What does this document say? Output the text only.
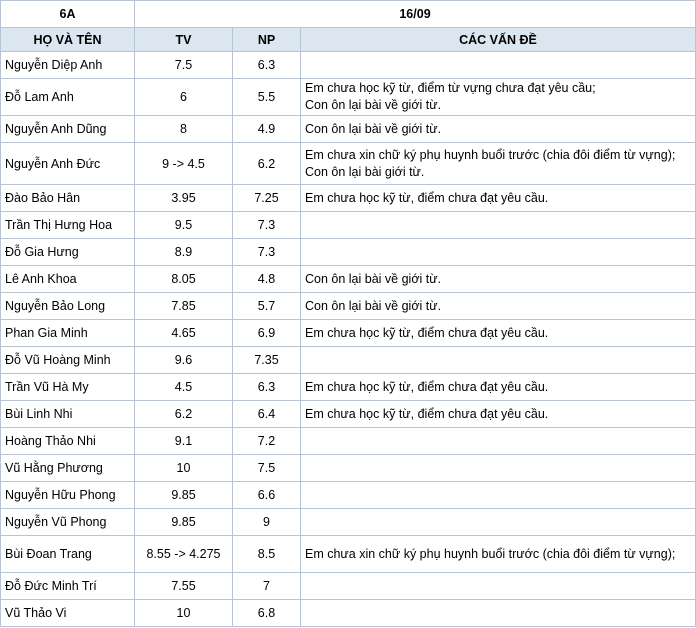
6A	16/09		
HỌ VÀ TÊN	TV	NP	CÁC VẤN ĐỀ
Nguyễn Diệp Anh	7.5	6.3	
Đỗ Lam Anh	6	5.5	Em chưa học kỹ từ, điểm từ vựng chưa đạt yêu cầu;
Con ôn lại bài về giới từ.
Nguyễn Anh Dũng	8	4.9	Con ôn lại bài về giới từ.
Nguyễn Anh Đức	9 -> 4.5	6.2	Em chưa xin chữ ký phụ huynh buổi trước (chia đôi điểm từ vựng);
Con ôn lại bài giới từ.
Đào Bảo Hân	3.95	7.25	Em chưa học kỹ từ, điểm chưa đạt yêu cầu.
Trần Thị Hưng Hoa	9.5	7.3	
Đỗ Gia Hưng	8.9	7.3	
Lê Anh Khoa	8.05	4.8	Con ôn lại bài về giới từ.
Nguyễn Bảo Long	7.85	5.7	Con ôn lại bài về giới từ.
Phan Gia Minh	4.65	6.9	Em chưa học kỹ từ, điểm chưa đạt yêu cầu.
Đỗ Vũ Hoàng Minh	9.6	7.35	
Trần Vũ Hà My	4.5	6.3	Em chưa học kỹ từ, điểm chưa đạt yêu cầu.
Bùi Linh Nhi	6.2	6.4	Em chưa học kỹ từ, điểm chưa đạt yêu cầu.
Hoàng Thảo Nhi	9.1	7.2	
Vũ Hằng Phương	10	7.5	
Nguyễn Hữu Phong	9.85	6.6	
Nguyễn Vũ Phong	9.85	9	
Bùi Đoan Trang	8.55 -> 4.275	8.5	Em chưa xin chữ ký phụ huynh buổi trước (chia đôi điểm từ vựng);
Đỗ Đức Minh Trí	7.55	7	
Vũ Thảo Vi	10	6.8	
